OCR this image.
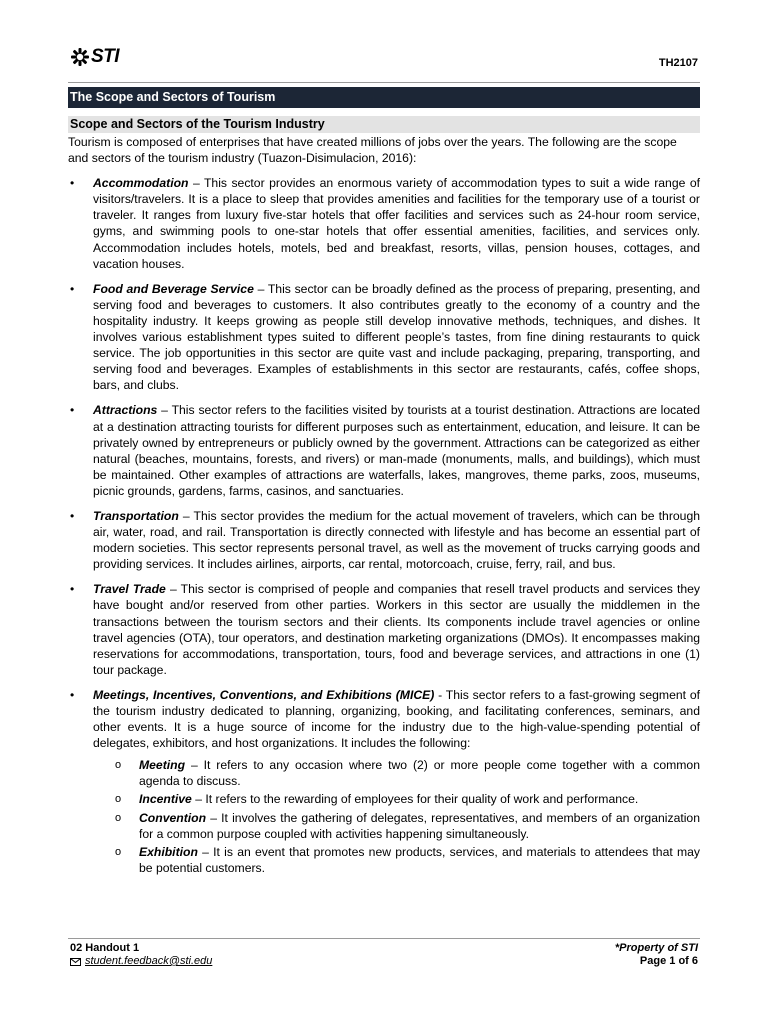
STI	TH2107
The Scope and Sectors of Tourism
Scope and Sectors of the Tourism Industry

Tourism is composed of enterprises that have created millions of jobs over the years. The following are the scope and sectors of the tourism industry (Tuazon-Disimulacion, 2016):

• Accommodation – This sector provides an enormous variety of accommodation types to suit a wide range of visitors/travelers. It is a place to sleep that provides amenities and facilities for the temporary use of a tourist or traveler. It ranges from luxury five-star hotels that offer facilities and services such as 24-hour room service, gyms, and swimming pools to one-star hotels that offer essential amenities, facilities, and services only. Accommodation includes hotels, motels, bed and breakfast, resorts, villas, pension houses, cottages, and vacation houses.
• Food and Beverage Service – This sector can be broadly defined as the process of preparing, presenting, and serving food and beverages to customers. It also contributes greatly to the economy of a country and the hospitality industry. It keeps growing as people still develop innovative methods, techniques, and dishes. It involves various establishment types suited to different people’s tastes, from fine dining restaurants to quick service. The job opportunities in this sector are quite vast and include packaging, preparing, transporting, and serving food and beverages. Examples of establishments in this sector are restaurants, cafés, coffee shops, bars, and clubs.
• Attractions – This sector refers to the facilities visited by tourists at a tourist destination. Attractions are located at a destination attracting tourists for different purposes such as entertainment, education, and leisure. It can be privately owned by entrepreneurs or publicly owned by the government. Attractions can be categorized as either natural (beaches, mountains, forests, and rivers) or man-made (monuments, malls, and buildings), which must be maintained. Other examples of attractions are waterfalls, lakes, mangroves, theme parks, zoos, museums, picnic grounds, gardens, farms, casinos, and sanctuaries.
• Transportation – This sector provides the medium for the actual movement of travelers, which can be through air, water, road, and rail. Transportation is directly connected with lifestyle and has become an essential part of modern societies. This sector represents personal travel, as well as the movement of trucks carrying goods and providing services. It includes airlines, airports, car rental, motorcoach, cruise, ferry, rail, and bus.
• Travel Trade – This sector is comprised of people and companies that resell travel products and services they have bought and/or reserved from other parties. Workers in this sector are usually the middlemen in the transactions between the tourism sectors and their clients. Its components include travel agencies or online travel agencies (OTA), tour operators, and destination marketing organizations (DMOs). It encompasses making reservations for accommodations, transportation, tours, food and beverage services, and attractions in one (1) tour package.
• Meetings, Incentives, Conventions, and Exhibitions (MICE) - This sector refers to a fast-growing segment of the tourism industry dedicated to planning, organizing, booking, and facilitating conferences, seminars, and other events. It is a huge source of income for the industry due to the high-value-spending potential of delegates, exhibitors, and host organizations. It includes the following:
o Meeting – It refers to any occasion where two (2) or more people come together with a common agenda to discuss.
o Incentive – It refers to the rewarding of employees for their quality of work and performance.
o Convention – It involves the gathering of delegates, representatives, and members of an organization for a common purpose coupled with activities happening simultaneously.
o Exhibition – It is an event that promotes new products, services, and materials to attendees that may be potential customers.
02 Handout 1
student.feedback@sti.edu
*Property of STI
Page 1 of 6
